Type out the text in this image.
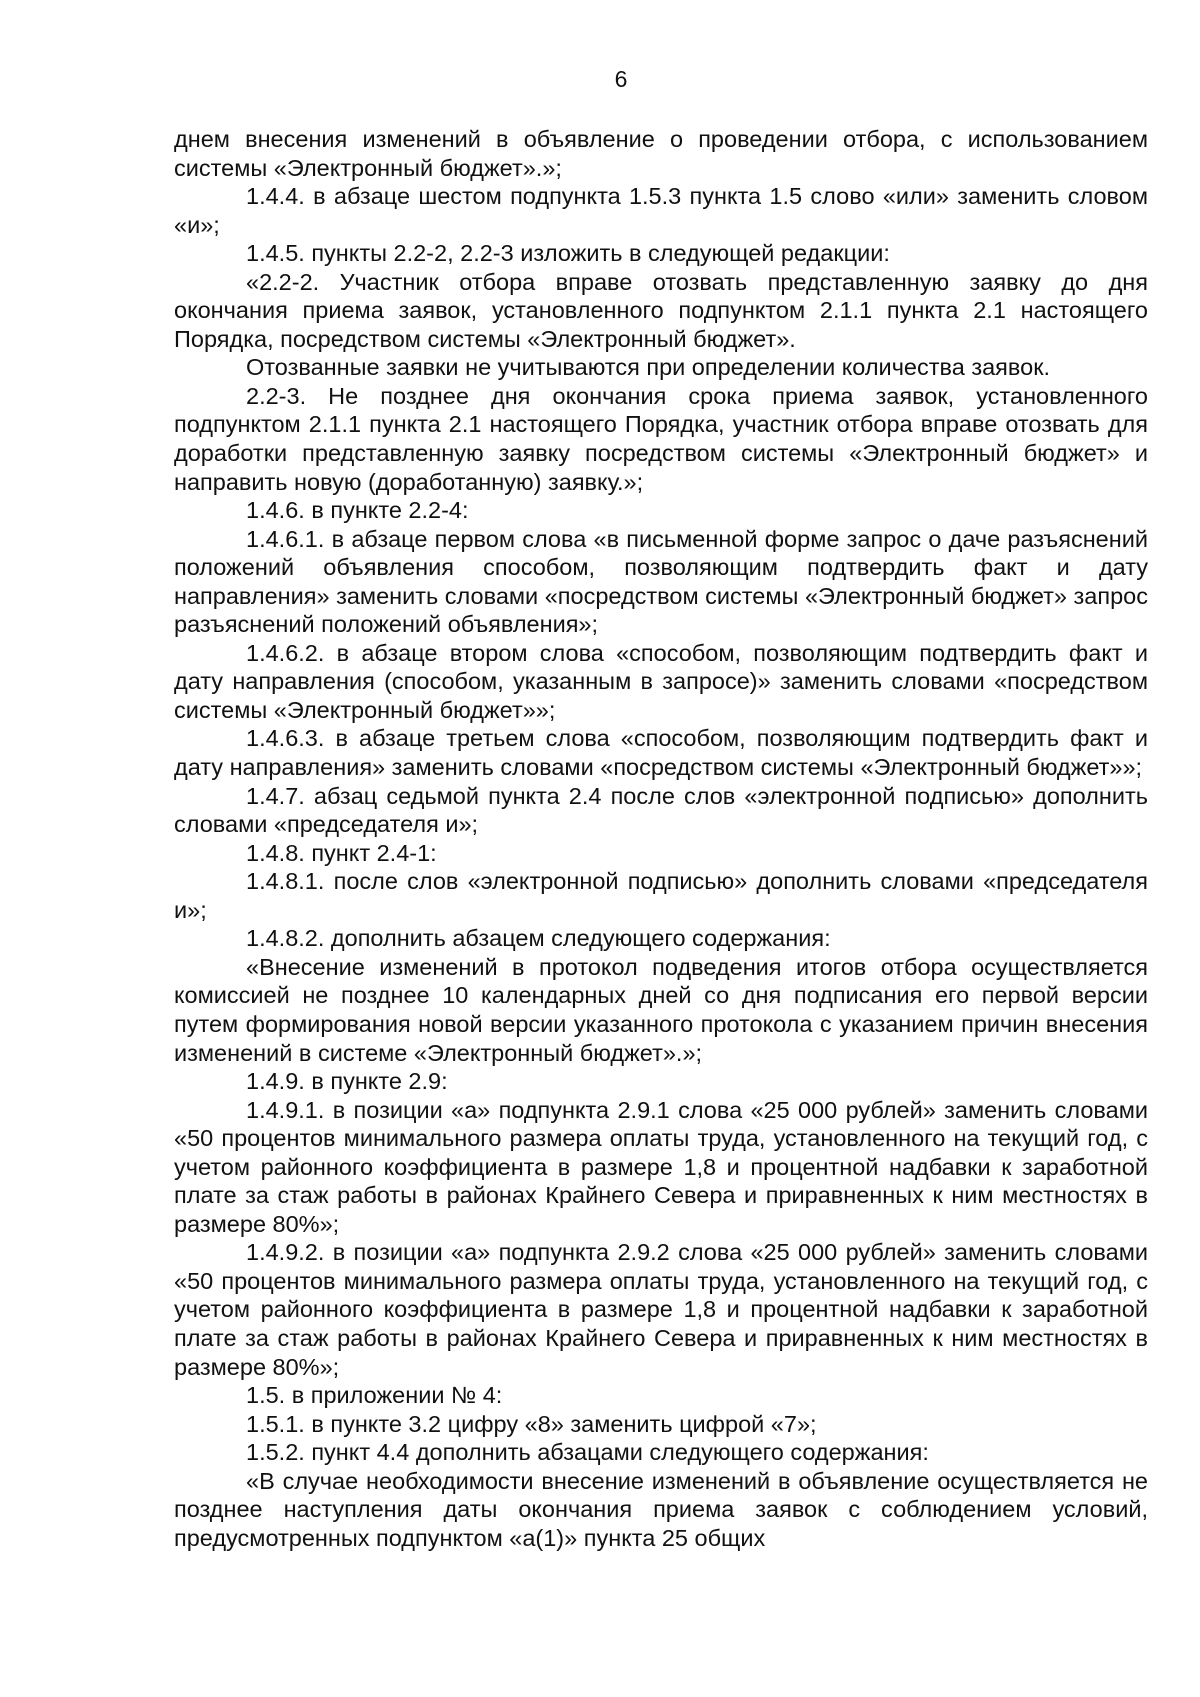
6

днем внесения изменений в объявление о проведении отбора, с использованием системы «Электронный бюджет».»;

1.4.4. в абзаце шестом подпункта 1.5.3 пункта 1.5 слово «или» заменить словом «и»;

1.4.5. пункты 2.2-2, 2.2-3 изложить в следующей редакции:

«2.2-2. Участник отбора вправе отозвать представленную заявку до дня окончания приема заявок, установленного подпунктом 2.1.1 пункта 2.1 настоящего Порядка, посредством системы «Электронный бюджет».

Отозванные заявки не учитываются при определении количества заявок.

2.2-3. Не позднее дня окончания срока приема заявок, установленного подпунктом 2.1.1 пункта 2.1 настоящего Порядка, участник отбора вправе отозвать для доработки представленную заявку посредством системы «Электронный бюджет» и направить новую (доработанную) заявку.»;

1.4.6. в пункте 2.2-4:

1.4.6.1. в абзаце первом слова «в письменной форме запрос о даче разъяснений положений объявления способом, позволяющим подтвердить факт и дату направления» заменить словами «посредством системы «Электронный бюджет» запрос разъяснений положений объявления»;

1.4.6.2. в абзаце втором слова «способом, позволяющим подтвердить факт и дату направления (способом, указанным в запросе)» заменить словами «посредством системы «Электронный бюджет»»;

1.4.6.3. в абзаце третьем слова «способом, позволяющим подтвердить факт и дату направления» заменить словами «посредством системы «Электронный бюджет»»;

1.4.7. абзац седьмой пункта 2.4 после слов «электронной подписью» дополнить словами «председателя и»;

1.4.8. пункт 2.4-1:

1.4.8.1. после слов «электронной подписью» дополнить словами «председателя и»;

1.4.8.2. дополнить абзацем следующего содержания:

«Внесение изменений в протокол подведения итогов отбора осуществляется комиссией не позднее 10 календарных дней со дня подписания его первой версии путем формирования новой версии указанного протокола с указанием причин внесения изменений в системе «Электронный бюджет».»;

1.4.9. в пункте 2.9:

1.4.9.1. в позиции «а» подпункта 2.9.1 слова «25 000 рублей» заменить словами «50 процентов минимального размера оплаты труда, установленного на текущий год, с учетом районного коэффициента в размере 1,8 и процентной надбавки к заработной плате за стаж работы в районах Крайнего Севера и приравненных к ним местностях в размере 80%»;

1.4.9.2. в позиции «а» подпункта 2.9.2 слова «25 000 рублей» заменить словами «50 процентов минимального размера оплаты труда, установленного на текущий год, с учетом районного коэффициента в размере 1,8 и процентной надбавки к заработной плате за стаж работы в районах Крайнего Севера и приравненных к ним местностях в размере 80%»;

1.5. в приложении № 4:

1.5.1. в пункте 3.2 цифру «8» заменить цифрой «7»;

1.5.2. пункт 4.4 дополнить абзацами следующего содержания:

«В случае необходимости внесение изменений в объявление осуществляется не позднее наступления даты окончания приема заявок с соблюдением условий, предусмотренных подпунктом «а(1)» пункта 25 общих
